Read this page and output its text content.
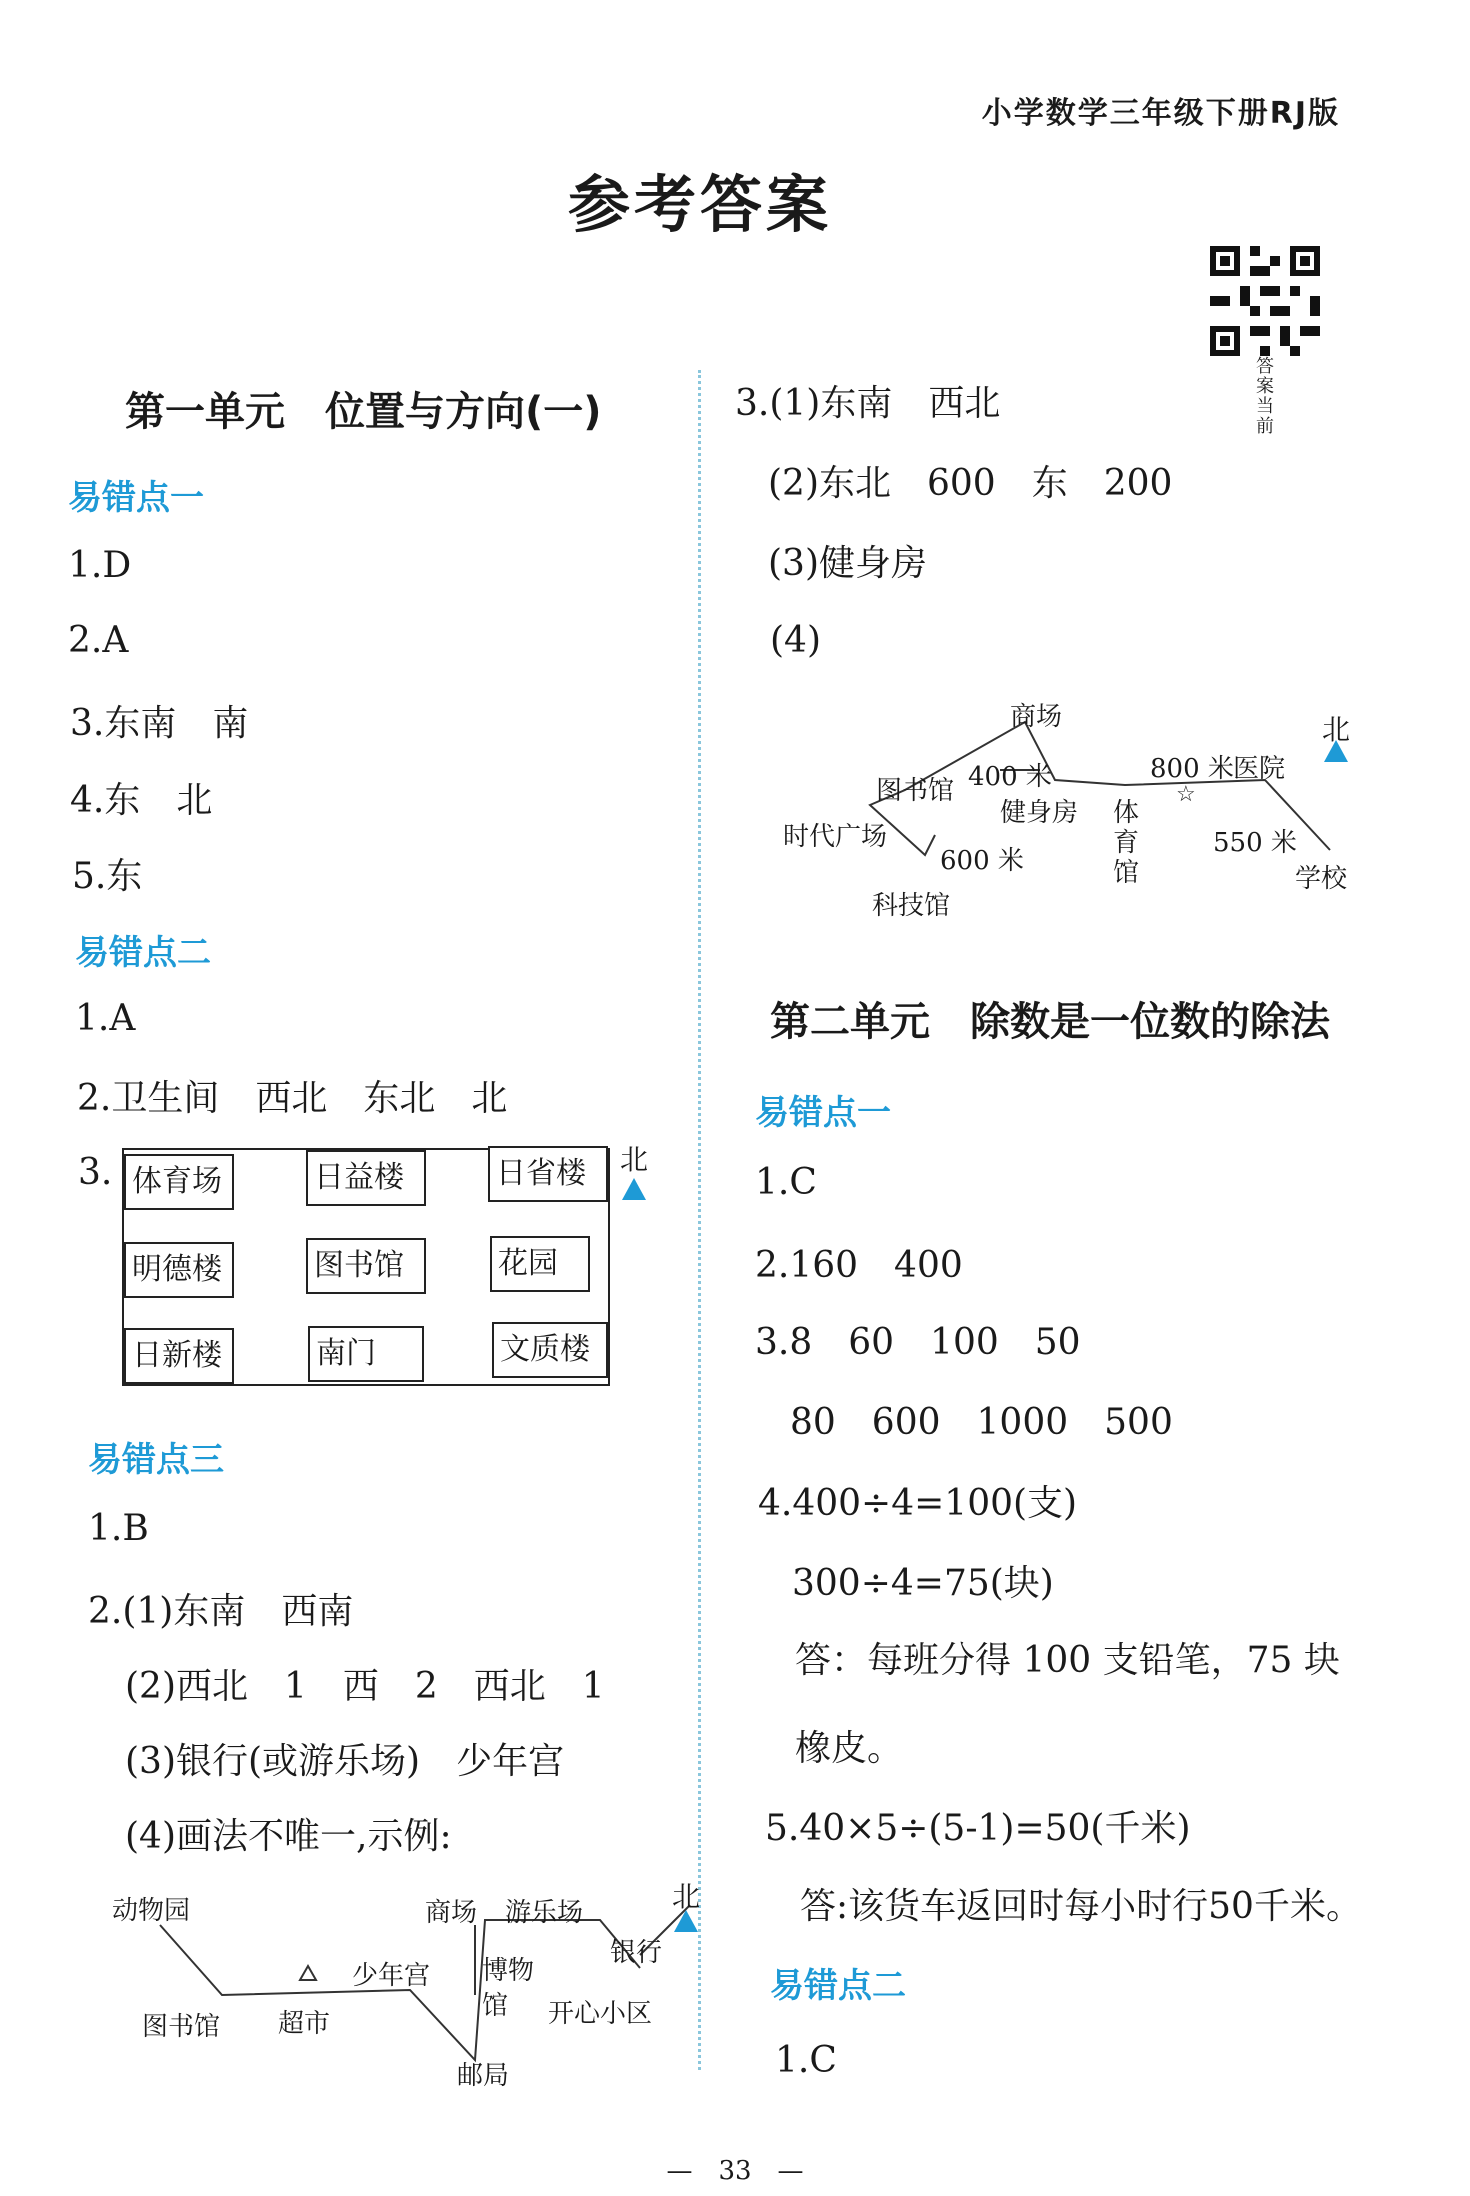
小学数学三年级下册RJ版
参考答案
答案当前
第一单元　位置与方向(一)
易错点一
1.D
2.A
3.东南　南
4.东　北
5.东
易错点二
1.A
2.卫生间　西北　东北　北
3. 体育场	日益楼	日省楼
明德楼	图书馆	花园
日新楼	南门	文质楼
北
易错点三
1.B
2.(1)东南　西南
(2)西北　1　西　2　西北　1
(3)银行(或游乐场)　少年宫
(4)画法不唯一,示例:
动物园
图书馆 超市
少年宫
商场 游乐场
博物
馆
银行
开心小区
邮局
北
3.(1)东南　西北
(2)东北　600　东　200
(3)健身房
(4)
商场
图书馆 400 米
健身房
800 米 医院
时代广场
体
育
馆
600 米
550 米
学校
科技馆
☆
北
第二单元　除数是一位数的除法
易错点一
1.C
2.160　400
3.8　60　100　50
80　600　1000　500
4.400÷4=100(支)
300÷4=75(块)
答：每班分得 100 支铅笔，75 块
橡皮。
5.40×5÷(5-1)=50(千米)
答:该货车返回时每小时行50千米。
易错点二
1.C
—　33　—
